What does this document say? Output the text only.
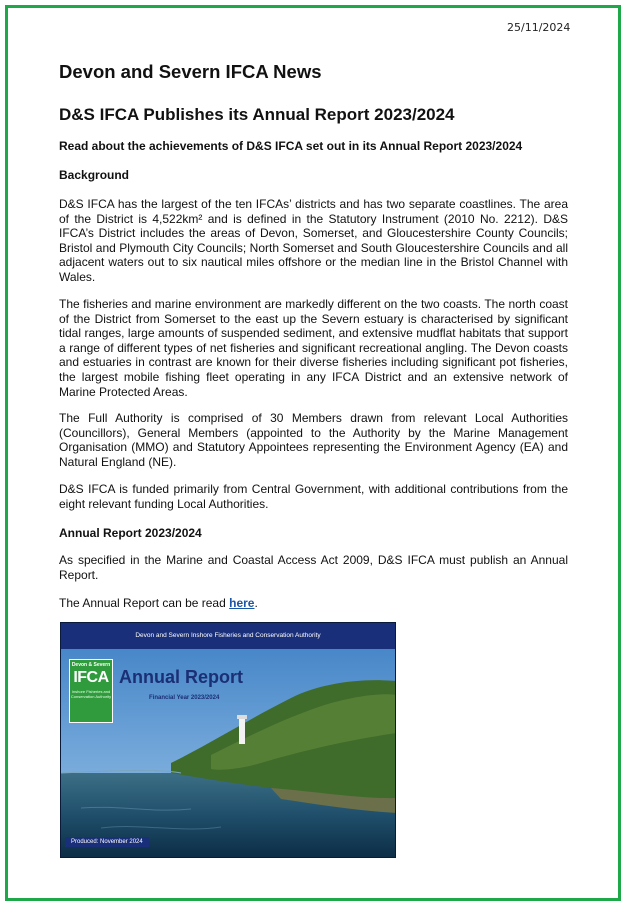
25/11/2024
Devon and Severn IFCA News
D&S IFCA Publishes its Annual Report 2023/2024
Read about the achievements of D&S IFCA set out in its Annual Report 2023/2024
Background
D&S IFCA has the largest of the ten IFCAs’ districts and has two separate coastlines. The area of the District is 4,522km² and is defined in the Statutory Instrument (2010 No. 2212). D&S IFCA’s District includes the areas of Devon, Somerset, and Gloucestershire County Councils; Bristol and Plymouth City Councils; North Somerset and South Gloucestershire Councils and all adjacent waters out to six nautical miles offshore or the median line in the Bristol Channel with Wales.
The fisheries and marine environment are markedly different on the two coasts. The north coast of the District from Somerset to the east up the Severn estuary is characterised by significant tidal ranges, large amounts of suspended sediment, and extensive mudflat habitats that support a range of different types of net fisheries and significant recreational angling. The Devon coasts and estuaries in contrast are known for their diverse fisheries including significant pot fisheries, the largest mobile fishing fleet operating in any IFCA District and an extensive network of Marine Protected Areas.
The Full Authority is comprised of 30 Members drawn from relevant Local Authorities (Councillors), General Members (appointed to the Authority by the Marine Management Organisation (MMO) and Statutory Appointees representing the Environment Agency (EA) and Natural England (NE).
D&S IFCA is funded primarily from Central Government, with additional contributions from the eight relevant funding Local Authorities.
Annual Report 2023/2024
As specified in the Marine and Coastal Access Act 2009, D&S IFCA must publish an Annual Report.
The Annual Report can be read here.
Devon and Severn Inshore Fisheries and Conservation Authority
Devon & Severn
IFCA
Inshore Fisheries and Conservation Authority
Annual Report
Financial Year 2023/2024
Produced: November 2024
